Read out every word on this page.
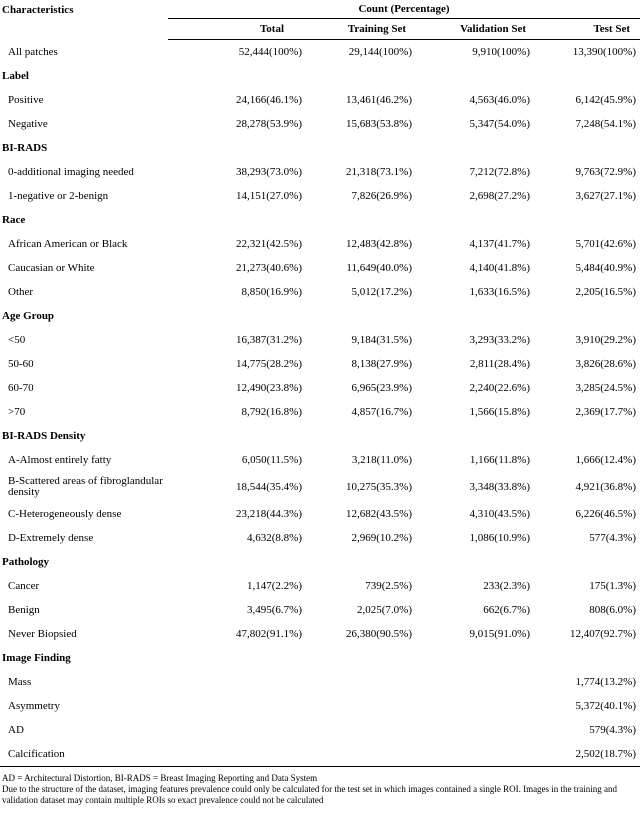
Characteristics	Count (Percentage)			
	Total	Training Set	Validation Set	Test Set
All patches	52,444(100%)	29,144(100%)	9,910(100%)	13,390(100%)
Label				
Positive	24,166(46.1%)	13,461(46.2%)	4,563(46.0%)	6,142(45.9%)
Negative	28,278(53.9%)	15,683(53.8%)	5,347(54.0%)	7,248(54.1%)
BI-RADS				
0-additional imaging needed	38,293(73.0%)	21,318(73.1%)	7,212(72.8%)	9,763(72.9%)
1-negative or 2-benign	14,151(27.0%)	7,826(26.9%)	2,698(27.2%)	3,627(27.1%)
Race				
African American or Black	22,321(42.5%)	12,483(42.8%)	4,137(41.7%)	5,701(42.6%)
Caucasian or White	21,273(40.6%)	11,649(40.0%)	4,140(41.8%)	5,484(40.9%)
Other	8,850(16.9%)	5,012(17.2%)	1,633(16.5%)	2,205(16.5%)
Age Group				
<50	16,387(31.2%)	9,184(31.5%)	3,293(33.2%)	3,910(29.2%)
50-60	14,775(28.2%)	8,138(27.9%)	2,811(28.4%)	3,826(28.6%)
60-70	12,490(23.8%)	6,965(23.9%)	2,240(22.6%)	3,285(24.5%)
>70	8,792(16.8%)	4,857(16.7%)	1,566(15.8%)	2,369(17.7%)
BI-RADS Density				
A-Almost entirely fatty	6,050(11.5%)	3,218(11.0%)	1,166(11.8%)	1,666(12.4%)
B-Scattered areas of fibroglandular density	18,544(35.4%)	10,275(35.3%)	3,348(33.8%)	4,921(36.8%)
C-Heterogeneously dense	23,218(44.3%)	12,682(43.5%)	4,310(43.5%)	6,226(46.5%)
D-Extremely dense	4,632(8.8%)	2,969(10.2%)	1,086(10.9%)	577(4.3%)
Pathology				
Cancer	1,147(2.2%)	739(2.5%)	233(2.3%)	175(1.3%)
Benign	3,495(6.7%)	2,025(7.0%)	662(6.7%)	808(6.0%)
Never Biopsied	47,802(91.1%)	26,380(90.5%)	9,015(91.0%)	12,407(92.7%)
Image Finding				
Mass				1,774(13.2%)
Asymmetry				5,372(40.1%)
AD				579(4.3%)
Calcification				2,502(18.7%)
AD = Architectural Distortion, BI-RADS = Breast Imaging Reporting and Data System
Due to the structure of the dataset, imaging features prevalence could only be calculated for the test set in which images contained a single ROI. Images in the training and validation dataset may contain multiple ROIs so exact prevalence could not be calculated
